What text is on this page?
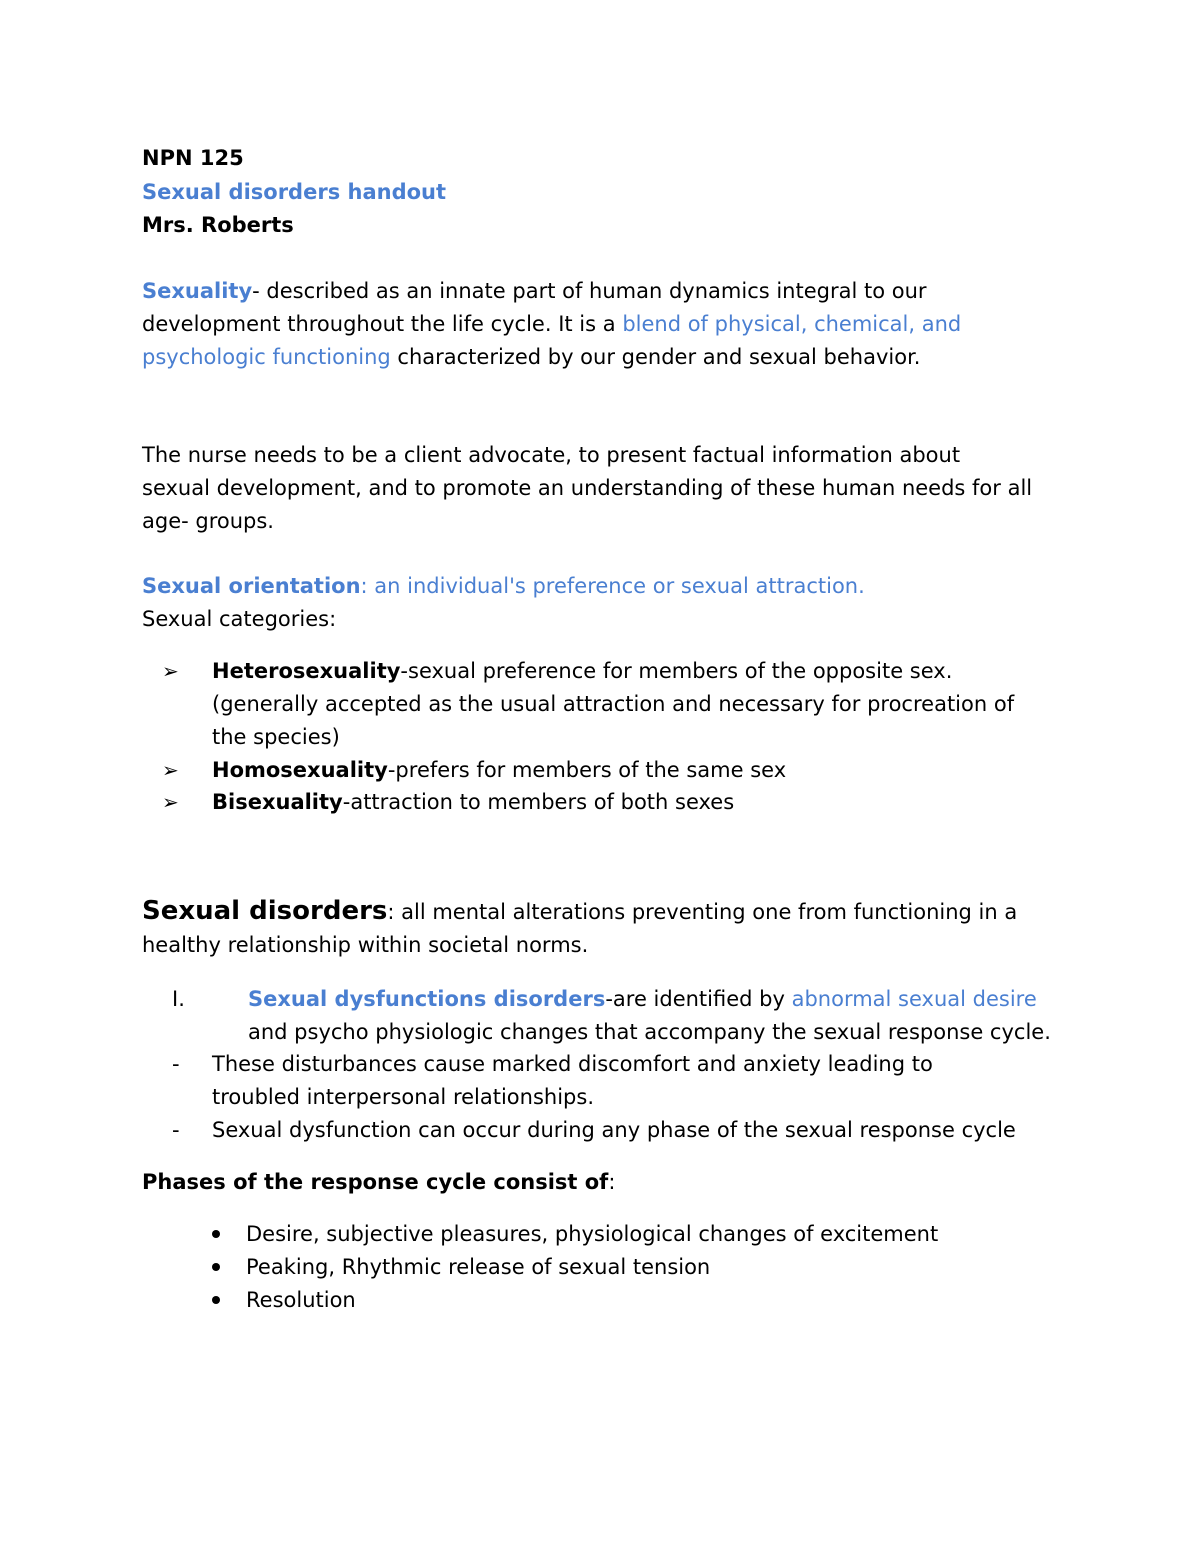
NPN 125
Sexual disorders handout
Mrs. Roberts
Sexuality- described as an innate part of human dynamics integral to our
development throughout the life cycle. It is a blend of physical, chemical, and
psychologic functioning characterized by our gender and sexual behavior.
The nurse needs to be a client advocate, to present factual information about
sexual development, and to promote an understanding of these human needs for all
age- groups.
Sexual orientation: an individual's preference or sexual attraction.
Sexual categories:
➢ Heterosexuality-sexual preference for members of the opposite sex.
(generally accepted as the usual attraction and necessary for procreation of
the species)
➢ Homosexuality-prefers for members of the same sex
➢ Bisexuality-attraction to members of both sexes
Sexual disorders: all mental alterations preventing one from functioning in a
healthy relationship within societal norms.
I.	Sexual dysfunctions disorders-are identified by abnormal sexual desire
and psycho physiologic changes that accompany the sexual response cycle.
- These disturbances cause marked discomfort and anxiety leading to
troubled interpersonal relationships.
- Sexual dysfunction can occur during any phase of the sexual response cycle
Phases of the response cycle consist of:
Desire, subjective pleasures, physiological changes of excitement
Peaking, Rhythmic release of sexual tension
Resolution
